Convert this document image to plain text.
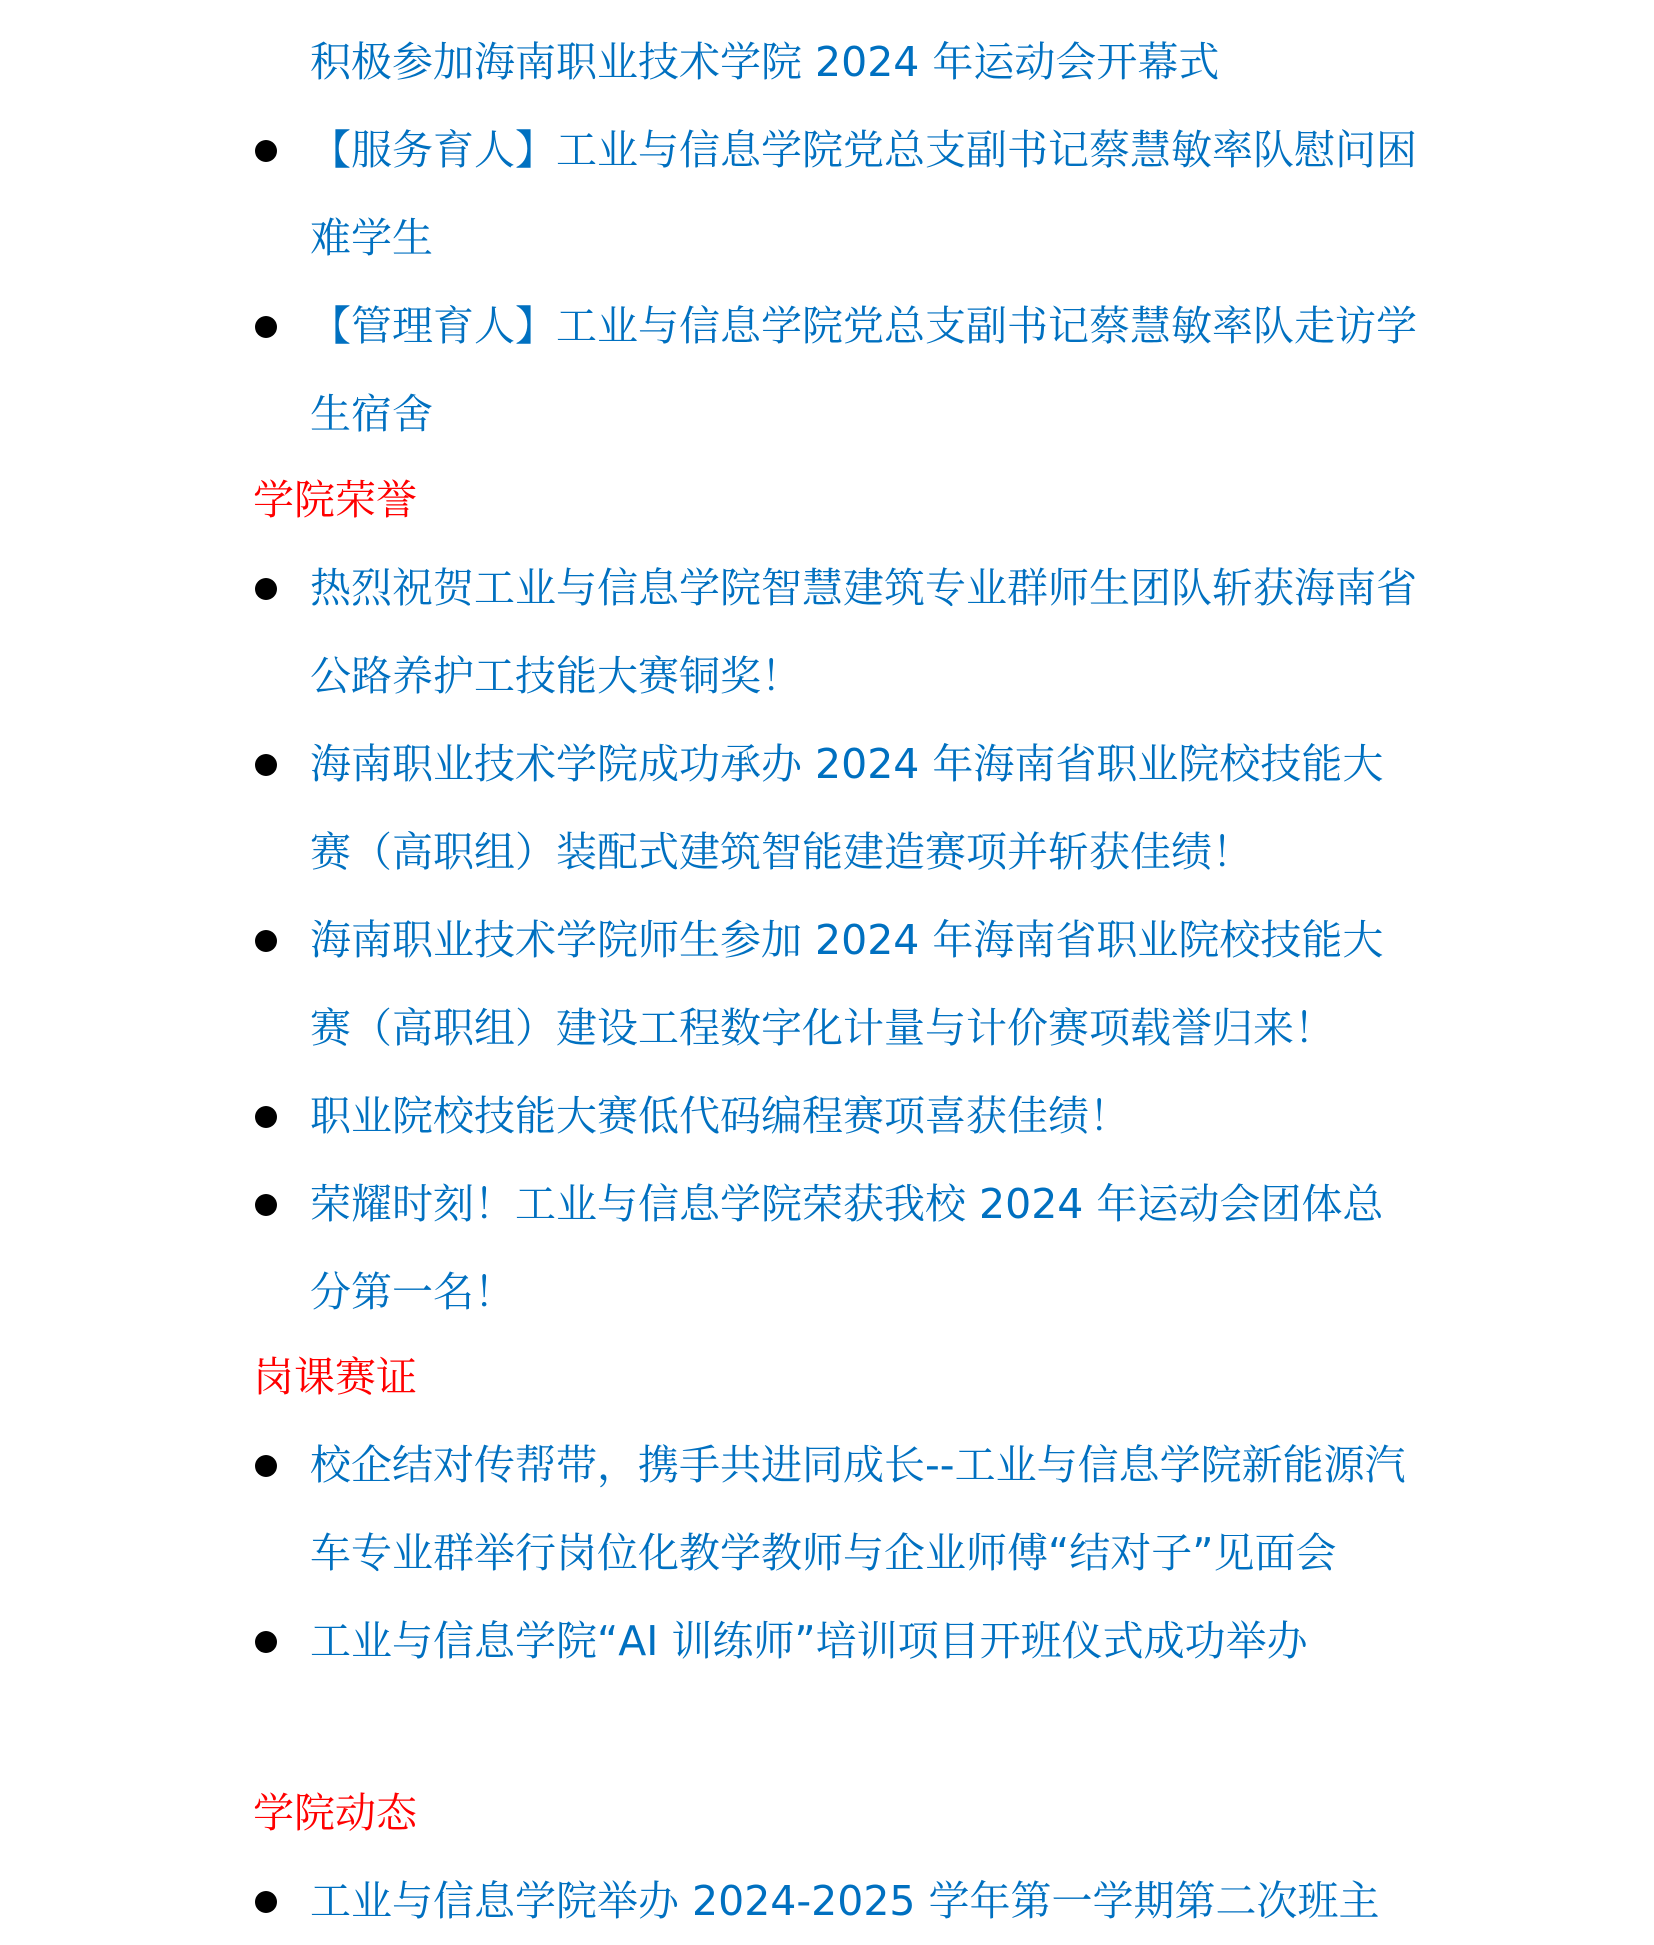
积极参加海南职业技术学院 2024 年运动会开幕式

【服务育人】工业与信息学院党总支副书记蔡慧敏率队慰问困难学生
【管理育人】工业与信息学院党总支副书记蔡慧敏率队走访学生宿舍

学院荣誉

热烈祝贺工业与信息学院智慧建筑专业群师生团队斩获海南省公路养护工技能大赛铜奖！
海南职业技术学院成功承办 2024 年海南省职业院校技能大赛（高职组）装配式建筑智能建造赛项并斩获佳绩！
海南职业技术学院师生参加 2024 年海南省职业院校技能大赛（高职组）建设工程数字化计量与计价赛项载誉归来！
职业院校技能大赛低代码编程赛项喜获佳绩！
荣耀时刻！工业与信息学院荣获我校 2024 年运动会团体总分第一名！

岗课赛证

校企结对传帮带，携手共进同成长--工业与信息学院新能源汽车专业群举行岗位化教学教师与企业师傅“结对子”见面会
工业与信息学院“AI 训练师”培训项目开班仪式成功举办

学院动态

工业与信息学院举办 2024-2025 学年第一学期第二次班主
